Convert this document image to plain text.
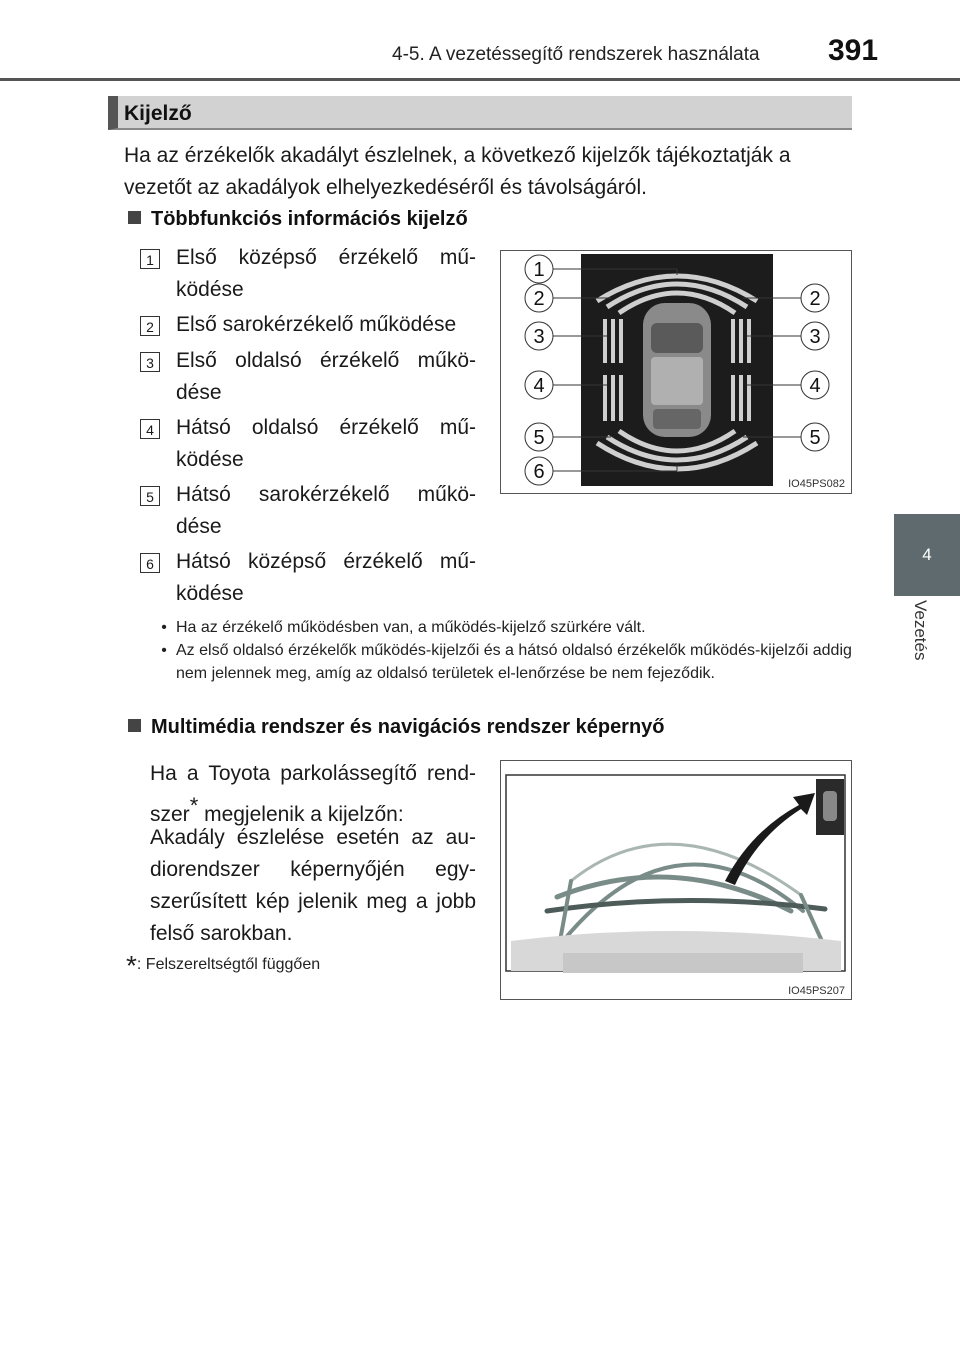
4-5. A vezetéssegítő rendszerek használata 391
4
Vezetés
Kijelző
Ha az érzékelők akadályt észlelnek, a következő kijelzők tájékoztatják a vezetőt az akadályok elhelyezkedéséről és távolságáról.
Többfunkciós információs kijelző
1 Első középső érzékelő mű-ködése
2 Első sarokérzékelő működése
3 Első oldalsó érzékelő műkö-dése
4 Hátsó oldalsó érzékelő mű-ködése
5 Hátsó sarokérzékelő műkö-dése
6 Hátsó középső érzékelő mű-ködése
1
2
3
4
5
6
2
3
4
5
IO45PS082

• Ha az érzékelő működésben van, a működés-kijelző szürkére vált.

• Az első oldalsó érzékelők működés-kijelzői és a hátsó oldalsó érzékelők működés-kijelzői addig nem jelennek meg, amíg az oldalsó területek el-lenőrzése be nem fejeződik.

Multimédia rendszer és navigációs rendszer képernyő
Ha a Toyota parkolássegítő rend-szer* megjelenik a kijelzőn:
Akadály észlelése esetén az au-diorendszer képernyőjén egy-szerűsített kép jelenik meg a jobb felső sarokban.
*: Felszereltségtől függően
IO45PS207
